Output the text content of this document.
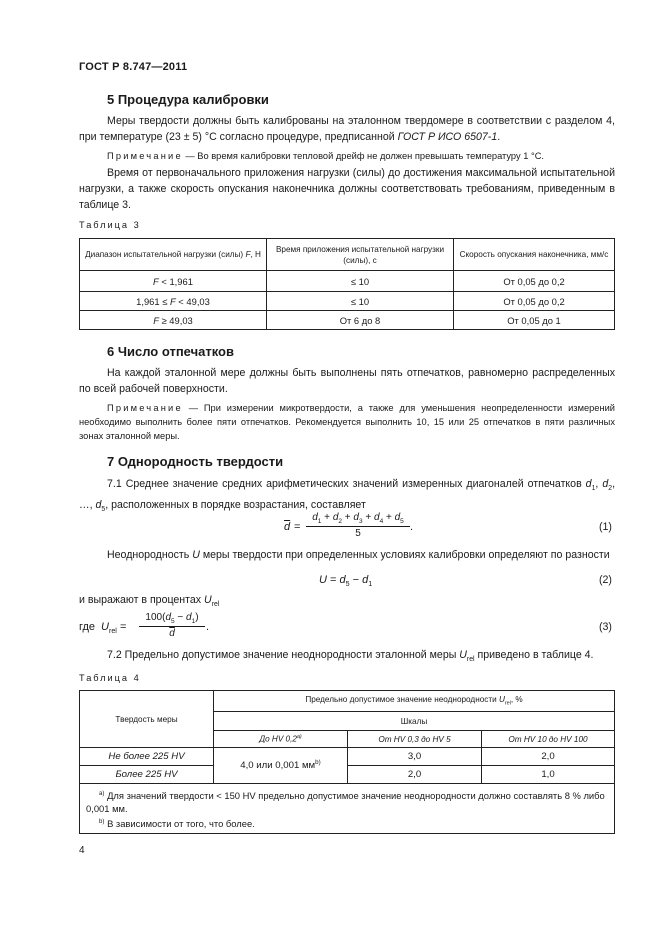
ГОСТ Р 8.747—2011
5 Процедура калибровки
Меры твердости должны быть калиброваны на эталонном твердомере в соответствии с разделом 4, при температуре (23 ± 5) °С согласно процедуре, предписанной ГОСТ Р ИСО 6507-1.
Примечание — Во время калибровки тепловой дрейф не должен превышать температуру 1 °С.
Время от первоначального приложения нагрузки (силы) до достижения максимальной испытательной нагрузки, а также скорость опускания наконечника должны соответствовать требованиям, приведенным в таблице 3.
Таблица 3
Диапазон испытательной нагрузки (силы) F, Н	Время приложения испытательной нагрузки (силы), с	Скорость опускания наконечника, мм/с
F < 1,961	≤ 10	От 0,05 до 0,2
1,961 ≤ F < 49,03	≤ 10	От 0,05 до 0,2
F ≥ 49,03	От 6 до 8	От 0,05 до 1
6 Число отпечатков
На каждой эталонной мере должны быть выполнены пять отпечатков, равномерно распределенных по всей рабочей поверхности.
Примечание — При измерении микротвердости, а также для уменьшения неопределенности измерений необходимо выполнить более пяти отпечатков. Рекомендуется выполнить 10, 15 или 25 отпечатков в пяти различных зонах эталонной меры.
7 Однородность твердости
7.1 Среднее значение средних арифметических значений измеренных диагоналей отпечатков $d_1$, $d_2$, …, $d_5$, расположенных в порядке возрастания, составляет
$\overline{d}$ =
$d_1 + d_2 + d_3 + d_4 + d_5$
5
.	(1)
Неоднородность U меры твердости при определенных условиях калибровки определяют по разности
$U = d_5 - d_1$	(2)
и выражают в процентах $U_{rel}$
где $U_{rel}$ =
$100(d_5 - d_1)$
$\overline{d}$
.	(3)
7.2 Предельно допустимое значение неоднородности эталонной меры $U_{rel}$ приведено в таблице 4.
Таблица 4
Твердость меры	Предельно допустимое значение неоднородности $U_{rel}$, %		
	Шкалы		
	До HV 0,2$^{a)}$	От HV 0,3 до HV 5	От HV 10 до HV 100
Не более 225 HV	4,0 или 0,001 $мм^{b)}$	3,0	2,0
Более 225 HV		2,0	1,0

$^{a)}$ Для значений твердости < 150 HV предельно допустимое значение неоднородности должно составлять 8 % либо 0,001 мм.
$^{b)}$ В зависимости от того, что более.			
4
